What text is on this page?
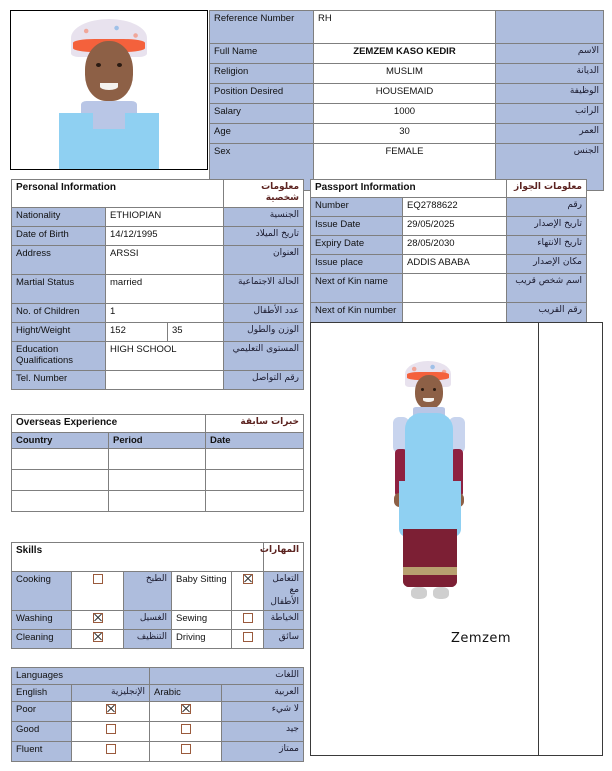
Reference Number	RH	
Full Name	ZEMZEM KASO KEDIR	الاسم
Religion	MUSLIM	الديانة
Position Desired	HOUSEMAID	الوظيفة
Salary	1000	الراتب
Age	30	العمر
Sex	FEMALE	الجنس
Personal Information			معلومات شخصية
Nationality	ETHIOPIAN		الجنسية
Date of Birth	14/12/1995		تاريخ الميلاد
Address	ARSSI		العنوان
Martial Status	married		الحالة الاجتماعية
No. of Children	1		عدد الأطفال
Hight/Weight	152	35	الوزن والطول
Education Qualifications	HIGH SCHOOL		المستوى التعليمي
Tel. Number			رقم التواصل
Passport Information		معلومات الجواز
Number	EQ2788622	رقم
Issue Date	29/05/2025	تاريخ الإصدار
Expiry Date	28/05/2030	تاريخ الانتهاء
Issue place	ADDIS ABABA	مكان الإصدار
Next of Kin name		اسم شخص قريب
Next of Kin number		رقم القريب
Overseas Experience		خبرات سابقة
Country	Period	Date

Skills					المهارات
Cooking		الطبخ	Baby Sitting		التعامل مع الأطفال
Washing		الغسيل	Sewing		الخياطة
Cleaning		التنظيف	Driving		سائق
Languages		اللغات	
English	الإنجليزية	Arabic	العربية
Poor			لا شيء
Good			جيد
Fluent			ممتاز
Zemzem
